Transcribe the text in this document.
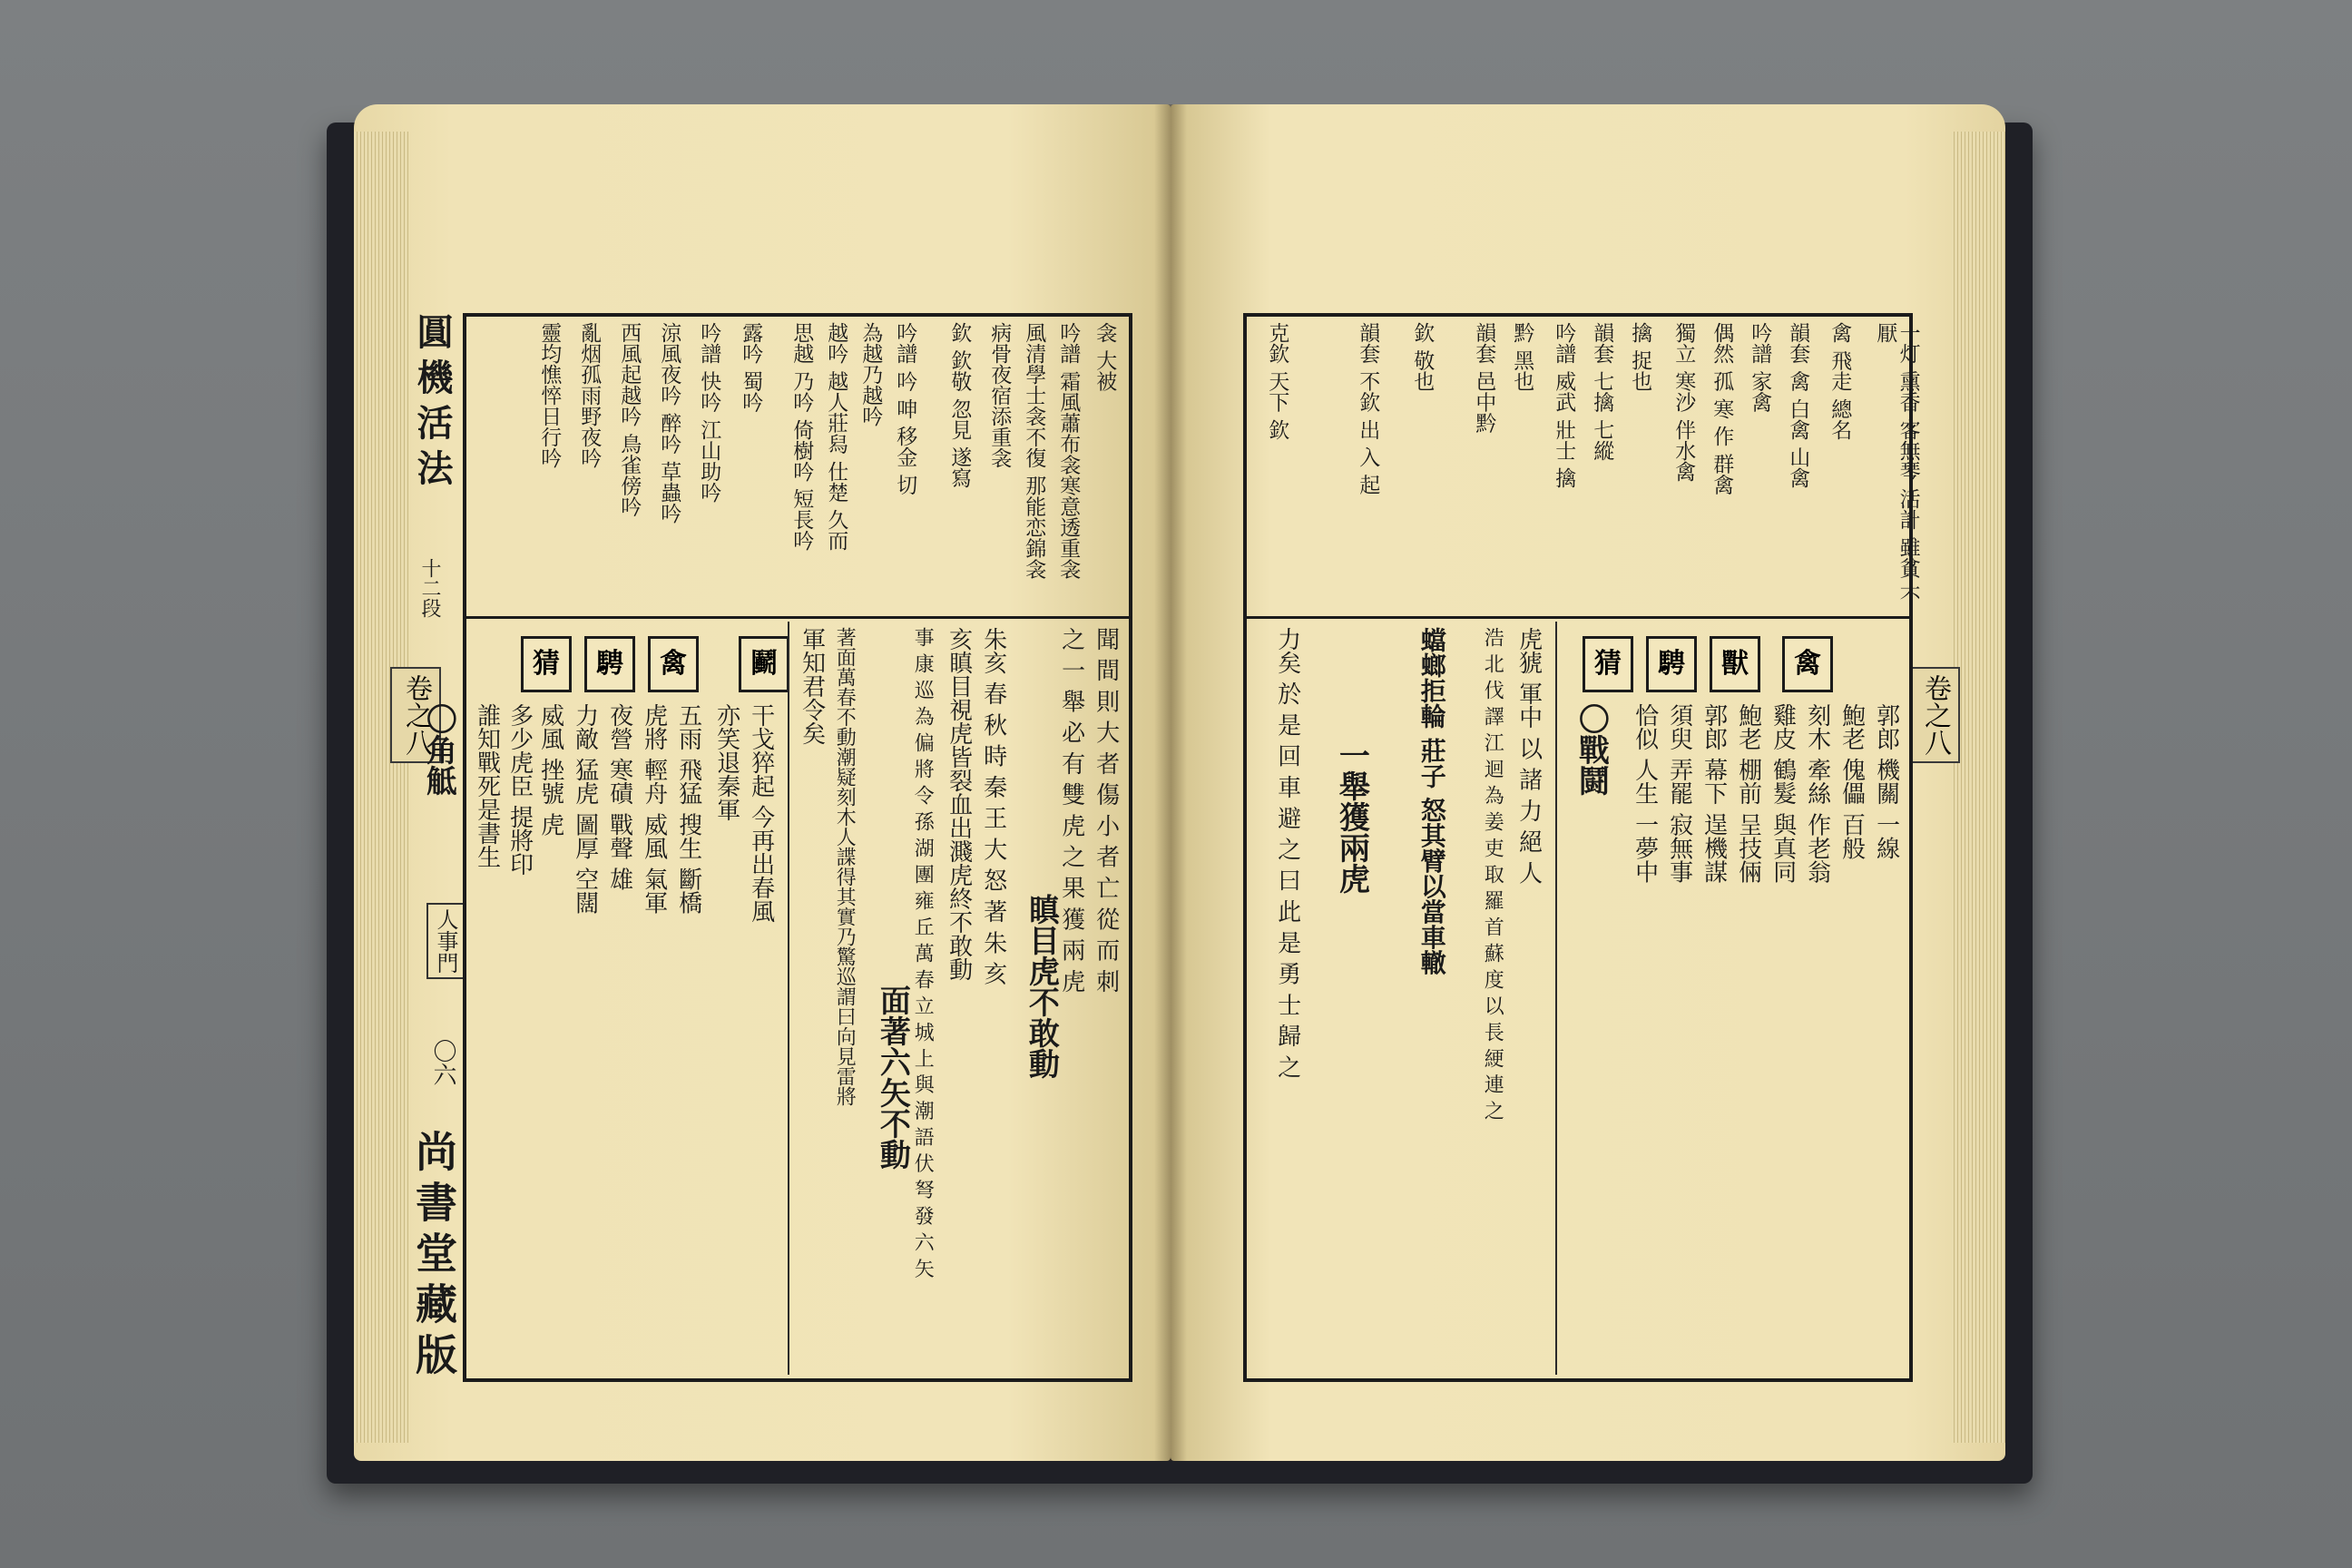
圓機活法
十二段
卷之八
人事門
〇六
尚書堂藏版
衾 大被
吟譜 霜風蕭布衾寒意透重衾
風清學士衾不復 那能恋錦衾
病骨夜宿添重衾
欽 欽敬 忽見 遂寫
吟譜 吟 呻 移金 切
為越乃越吟
越吟 越人莊舄 仕楚 久而
思越 乃吟 倚樹吟 短長吟
露吟 蜀吟
吟譜 快吟 江山助吟
涼風夜吟 醉吟 草蟲吟
西風起越吟 鳥雀傍吟
亂烟孤雨野夜吟
靈均憔悴日行吟
鬬
禽
騁
猜	聞 間 則 大 者 傷 小 者 亡 從 而 刺
之 一 舉 必 有 雙 虎 之 果 獲 兩 虎
瞋目虎不敢動
朱亥 春 秋 時 秦 王 大 怒 著 朱 亥
亥瞋目視虎皆裂血出濺虎終不敢動
事 康 巡 為 偏 將 令 孫 湖 團 雍 丘 萬 春 立 城 上 與 潮 語 伏 弩 發 六 矢
面著六矢不動
著面萬春不動潮疑刻木人諜得其實乃驚巡謂曰向見雷將
軍知君令矣
干戈猝起 今再出春風
亦笑退秦軍
五雨 飛猛 搜生 斷橋
虎將 輕舟 威風 氣軍
夜營 寒磧 戰聲 雄
力敵 猛虎 圖厚 空闊
威風 挫號 虎
多少虎臣 提將印
誰知戰死是書生
〇角觝	卷之八
一灯 熏香 客無琴 活計 雖貧 不厭
禽 飛走 總名
韻套 禽 白禽 山禽
吟譜 家禽
偶然 孤 寒 作 群禽
獨立 寒沙 伴水禽
擒 捉也
韻套 七擒 七縱
吟譜 威武 壯士 擒
黔 黑也
韻套 邑中黔
欽 敬也
韻套 不欽 出 入 起
克欽 天下 欽
禽
獸
騁
猜
郭郎 機關 一線
鮑老 傀儡 百般
刻木 牽絲 作老翁
雞皮 鶴髮 與真同
鮑老 棚前 呈技倆
郭郎 幕下 逞機謀
須臾 弄罷 寂無事
恰似 人生 一夢中
〇戰鬪
虎猇 軍中 以 諸 力 絕 人
浩 北 伐 譯 江 迴 為 姜 吏 取 羅 首 蘇 度 以 長 綆 連 之
蟷螂拒輪 莊子 怒其臂以當車轍
一舉獲兩虎
力矣 於 是 回 車 避 之 曰 此 是 勇 士 歸 之
